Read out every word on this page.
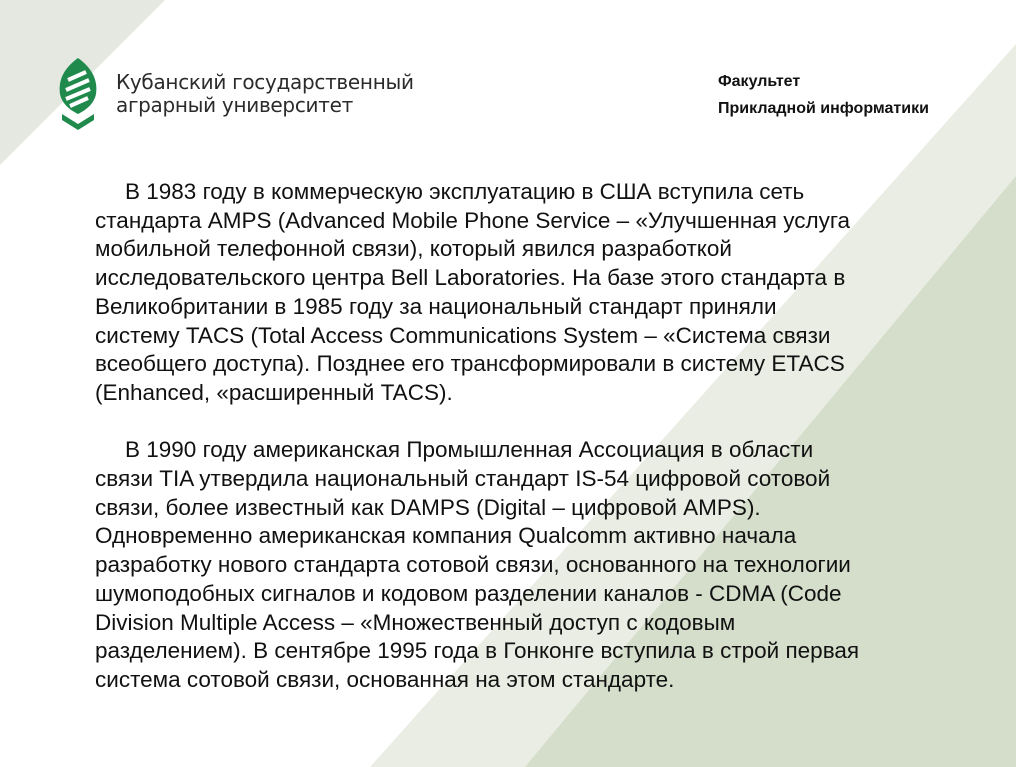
Кубанский государственный
аграрный университет
Факультет
Прикладной информатики
В 1983 году в коммерческую эксплуатацию в США вступила сеть
стандарта AMPS (Advanced Mobile Phone Service – «Улучшенная услуга
мобильной телефонной связи), который явился разработкой
исследовательского центра Bell Laboratories. На базе этого стандарта в
Великобритании в 1985 году за национальный стандарт приняли
систему TACS (Total Access Communications System – «Система связи
всеобщего доступа). Позднее его трансформировали в систему ETACS
(Enhanced, «расширенный TACS).
В 1990 году американская Промышленная Ассоциация в области
связи TIA утвердила национальный стандарт IS-54 цифровой сотовой
связи, более известный как DAMPS (Digital – цифровой AMPS).
Одновременно американская компания Qualcomm активно начала
разработку нового стандарта сотовой связи, основанного на технологии
шумоподобных сигналов и кодовом разделении каналов - CDMA (Code
Division Multiple Access – «Множественный доступ с кодовым
разделением). В сентябре 1995 года в Гонконге вступила в строй первая
система сотовой связи, основанная на этом стандарте.
